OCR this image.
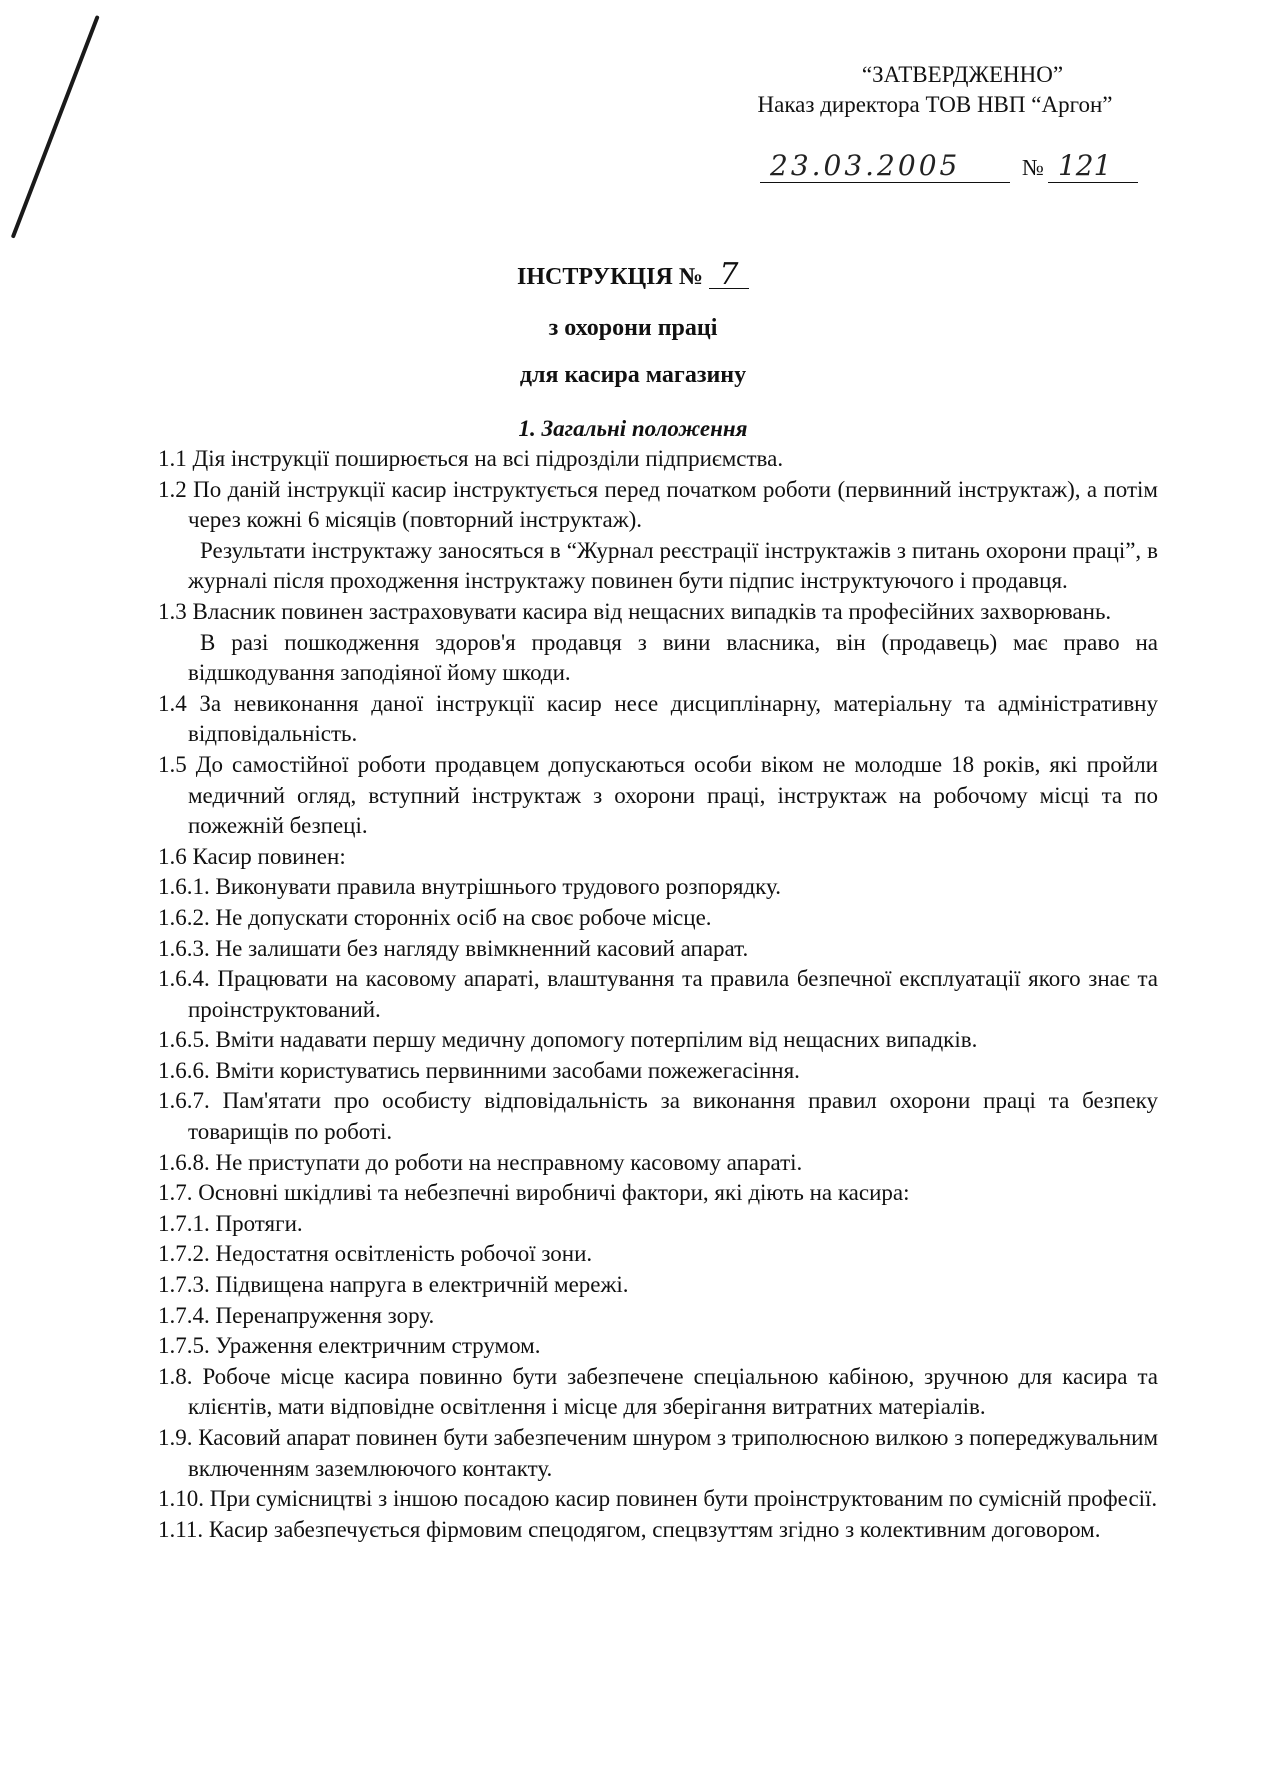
“ЗАТВЕРДЖЕННО”
Наказ директора ТОВ НВП “Аргон”
23.03.2005	№ 121
ІНСТРУКЦІЯ № 7
з охорони праці
для касира магазину
1. Загальні положення

1.1 Дія інструкції поширюється на всі підрозділи підприємства.

1.2 По даній інструкції касир інструктується перед початком роботи (первинний інструктаж), а потім через кожні 6 місяців (повторний інструктаж).

Результати інструктажу заносяться в “Журнал реєстрації інструктажів з питань охорони праці”, в журналі після проходження інструктажу повинен бути підпис інструктуючого і продавця.

1.3 Власник повинен застраховувати касира від нещасних випадків та професійних захворювань.

В разі пошкодження здоров'я продавця з вини власника, він (продавець) має право на відшкодування заподіяної йому шкоди.

1.4 За невиконання даної інструкції касир несе дисциплінарну, матеріальну та адміністративну відповідальність.

1.5 До самостійної роботи продавцем допускаються особи віком не молодше 18 років, які пройли медичний огляд, вступний інструктаж з охорони праці, інструктаж на робочому місці та по пожежній безпеці.

1.6 Касир повинен:

1.6.1. Виконувати правила внутрішнього трудового розпорядку.

1.6.2. Не допускати сторонніх осіб на своє робоче місце.

1.6.3. Не залишати без нагляду ввімкненний касовий апарат.

1.6.4. Працювати на касовому апараті, влаштування та правила безпечної експлуатації якого знає та проінструктований.

1.6.5. Вміти надавати першу медичну допомогу потерпілим від нещасних випадків.

1.6.6. Вміти користуватись первинними засобами пожежегасіння.

1.6.7. Пам'ятати про особисту відповідальність за виконання правил охорони праці та безпеку товарищів по роботі.

1.6.8. Не приступати до роботи на несправному касовому апараті.

1.7. Основні шкідливі та небезпечні виробничі фактори, які діють на касира:

1.7.1. Протяги.

1.7.2. Недостатня освітленість робочої зони.

1.7.3. Підвищена напруга в електричній мережі.

1.7.4. Перенапруження зору.

1.7.5. Ураження електричним струмом.

1.8. Робоче місце касира повинно бути забезпечене спеціальною кабіною, зручною для касира та клієнтів, мати відповідне освітлення і місце для зберігання витратних матеріалів.

1.9. Касовий апарат повинен бути забезпеченим шнуром з триполюсною вилкою з попереджувальним включенням заземлюючого контакту.

1.10. При сумісництві з іншою посадою касир повинен бути проінструктованим по сумісній професії.

1.11. Касир забезпечується фірмовим спецодягом, спецвзуттям згідно з колективним договором.
